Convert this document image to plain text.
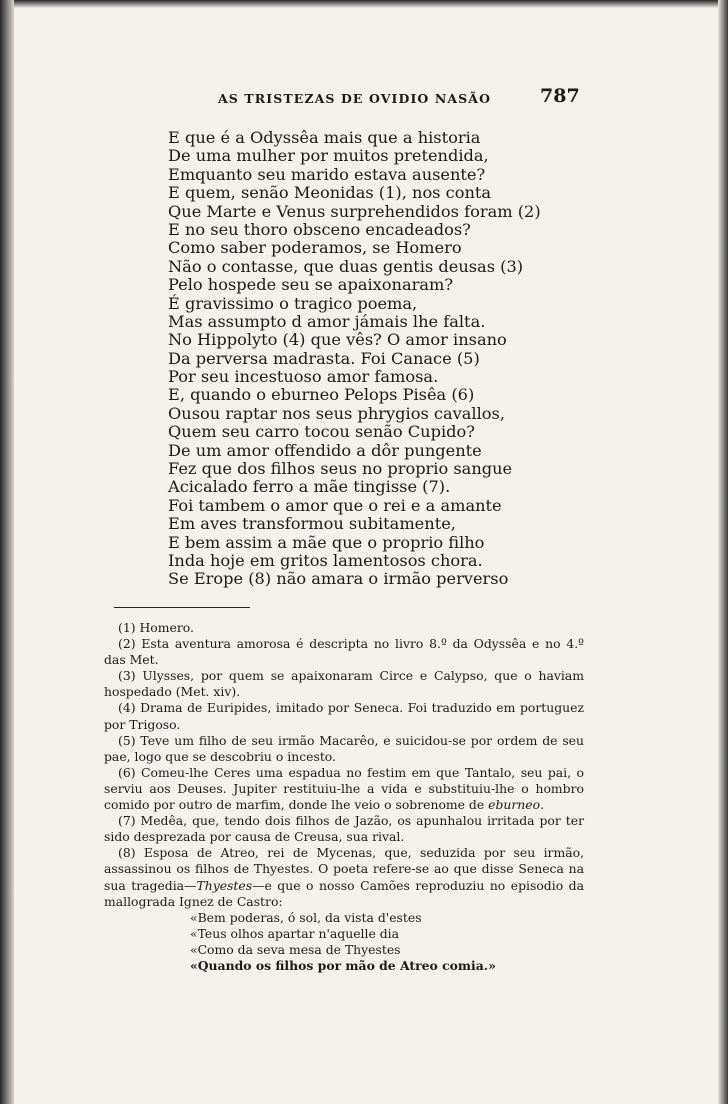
AS TRISTEZAS DE OVIDIO NASÃO	787
E que é a Odyssêa mais que a historia
De uma mulher por muitos pretendida,
Emquanto seu marido estava ausente?
E quem, senão Meonidas (1), nos conta
Que Marte e Venus surprehendidos foram (2)
E no seu thoro obsceno encadeados?
Como saber poderamos, se Homero
Não o contasse, que duas gentis deusas (3)
Pelo hospede seu se apaixonaram?
É gravissimo o tragico poema,
Mas assumpto d amor jámais lhe falta.
No Hippolyto (4) que vês? O amor insano
Da perversa madrasta. Foi Canace (5)
Por seu incestuoso amor famosa.
E, quando o eburneo Pelops Pisêa (6)
Ousou raptar nos seus phrygios cavallos,
Quem seu carro tocou senão Cupido?
De um amor offendido a dôr pungente
Fez que dos filhos seus no proprio sangue
Acicalado ferro a mãe tingisse (7).
Foi tambem o amor que o rei e a amante
Em aves transformou subitamente,
E bem assim a mãe que o proprio filho
Inda hoje em gritos lamentosos chora.
Se Erope (8) não amara o irmão perverso
(1) Homero.
(2) Esta aventura amorosa é descripta no livro 8.º da Odyssêa e no 4.º das Met.
(3) Ulysses, por quem se apaixonaram Circe e Calypso, que o haviam hospedado (Met. xiv).
(4) Drama de Euripides, imitado por Seneca. Foi traduzido em portuguez por Trigoso.
(5) Teve um filho de seu irmão Macarêo, e suicidou-se por ordem de seu pae, logo que se descobriu o incesto.
(6) Comeu-lhe Ceres uma espadua no festim em que Tantalo, seu pai, o serviu aos Deuses. Jupiter restituiu-lhe a vida e substituiu-lhe o hombro comido por outro de marfim, donde lhe veio o sobrenome de eburneo.
(7) Medêa, que, tendo dois filhos de Jazão, os apunhalou irritada por ter sido desprezada por causa de Creusa, sua rival.
(8) Esposa de Atreo, rei de Mycenas, que, seduzida por seu irmão, assassinou os filhos de Thyestes. O poeta refere-se ao que disse Seneca na sua tragedia—Thyestes—e que o nosso Camões reproduziu no episodio da mallograda Ignez de Castro:
«Bem poderas, ó sol, da vista d'estes
«Teus olhos apartar n'aquelle dia
«Como da seva mesa de Thyestes
«Quando os filhos por mão de Atreo comia.»
